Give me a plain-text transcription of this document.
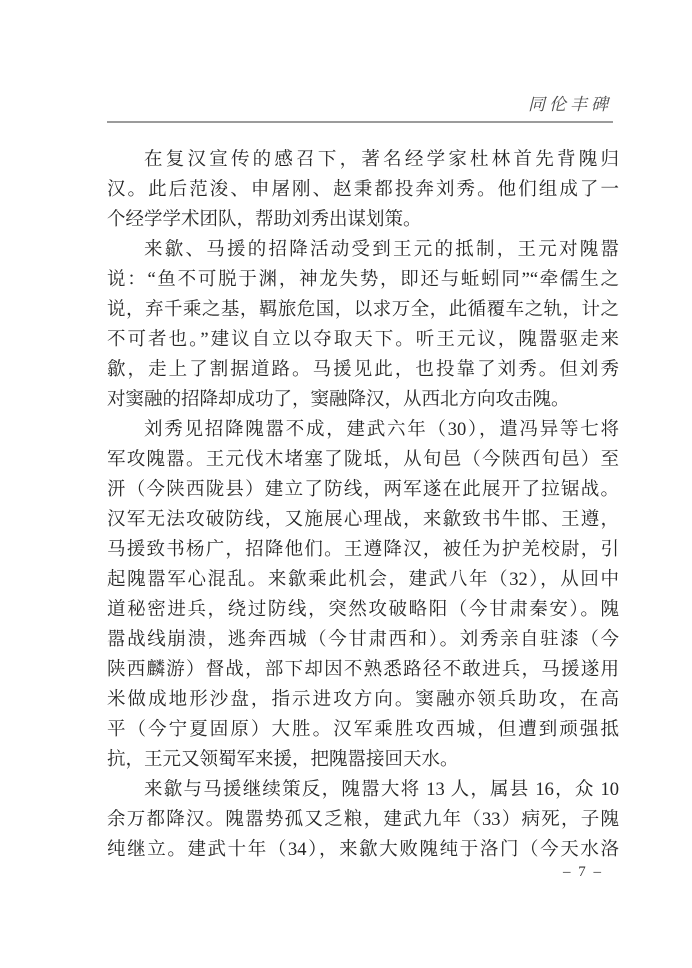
同伦丰碑
在复汉宣传的感召下，著名经学家杜林首先背隗归
汉。此后范浚、申屠刚、赵秉都投奔刘秀。他们组成了一
个经学学术团队，帮助刘秀出谋划策。
来歙、马援的招降活动受到王元的抵制，王元对隗嚣
说：“鱼不可脱于渊，神龙失势，即还与蚯蚓同”“牵儒生之
说，弃千乘之基，羁旅危国，以求万全，此循覆车之轨，计之
不可者也。”建议自立以夺取天下。听王元议，隗嚣驱走来
歙，走上了割据道路。马援见此，也投靠了刘秀。但刘秀
对窦融的招降却成功了，窦融降汉，从西北方向攻击隗。
刘秀见招降隗嚣不成，建武六年（30），遣冯异等七将
军攻隗嚣。王元伐木堵塞了陇坻，从旬邑（今陕西旬邑）至
汧（今陕西陇县）建立了防线，两军遂在此展开了拉锯战。
汉军无法攻破防线，又施展心理战，来歙致书牛邯、王遵，
马援致书杨广，招降他们。王遵降汉，被任为护羌校尉，引
起隗嚣军心混乱。来歙乘此机会，建武八年（32），从回中
道秘密进兵，绕过防线，突然攻破略阳（今甘肃秦安）。隗
嚣战线崩溃，逃奔西城（今甘肃西和）。刘秀亲自驻漆（今
陕西麟游）督战，部下却因不熟悉路径不敢进兵，马援遂用
米做成地形沙盘，指示进攻方向。窦融亦领兵助攻，在高
平（今宁夏固原）大胜。汉军乘胜攻西城，但遭到顽强抵
抗，王元又领蜀军来援，把隗嚣接回天水。
来歙与马援继续策反，隗嚣大将 13 人，属县 16，众 10
余万都降汉。隗嚣势孤又乏粮，建武九年（33）病死，子隗
纯继立。建武十年（34），来歙大败隗纯于洛门（今天水洛
– 7 –
